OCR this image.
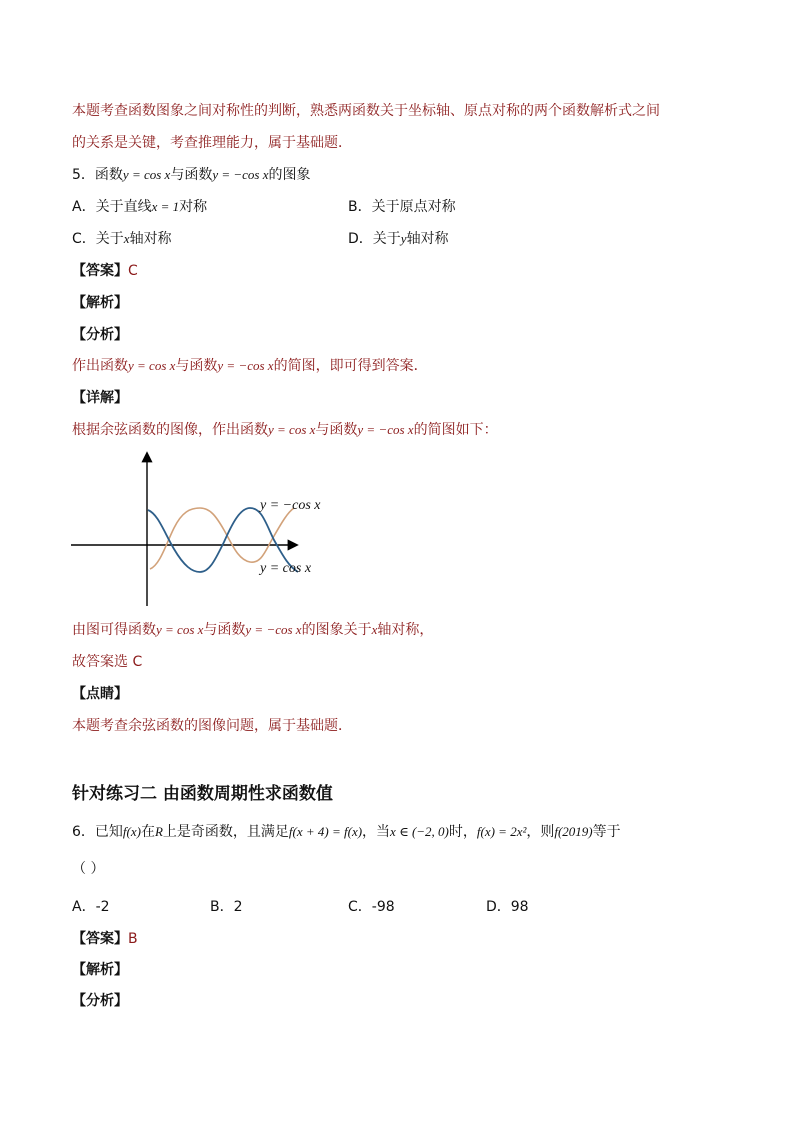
本题考查函数图象之间对称性的判断，熟悉两函数关于坐标轴、原点对称的两个函数解析式之间
的关系是关键，考查推理能力，属于基础题．
5．函数y = cos x与函数y = −cos x的图象
A．关于直线x = 1对称	B．关于原点对称
C．关于x轴对称	D．关于y轴对称
【答案】C
【解析】
【分析】
作出函数y = cos x与函数y = −cos x的简图，即可得到答案．
【详解】
根据余弦函数的图像，作出函数y = cos x与函数y = −cos x的简图如下：
y = −cos x
y = cos x
由图可得函数y = cos x与函数y = −cos x的图象关于x轴对称，
故答案选 C
【点睛】
本题考查余弦函数的图像问题，属于基础题．
针对练习二 由函数周期性求函数值
6．已知f(x)在R上是奇函数，且满足f(x + 4) = f(x)，当x ∈ (−2, 0)时，f(x) = 2x²，则f(2019)等于
（ ）
A．-2	B．2	C．-98	D．98
【答案】B
【解析】
【分析】
